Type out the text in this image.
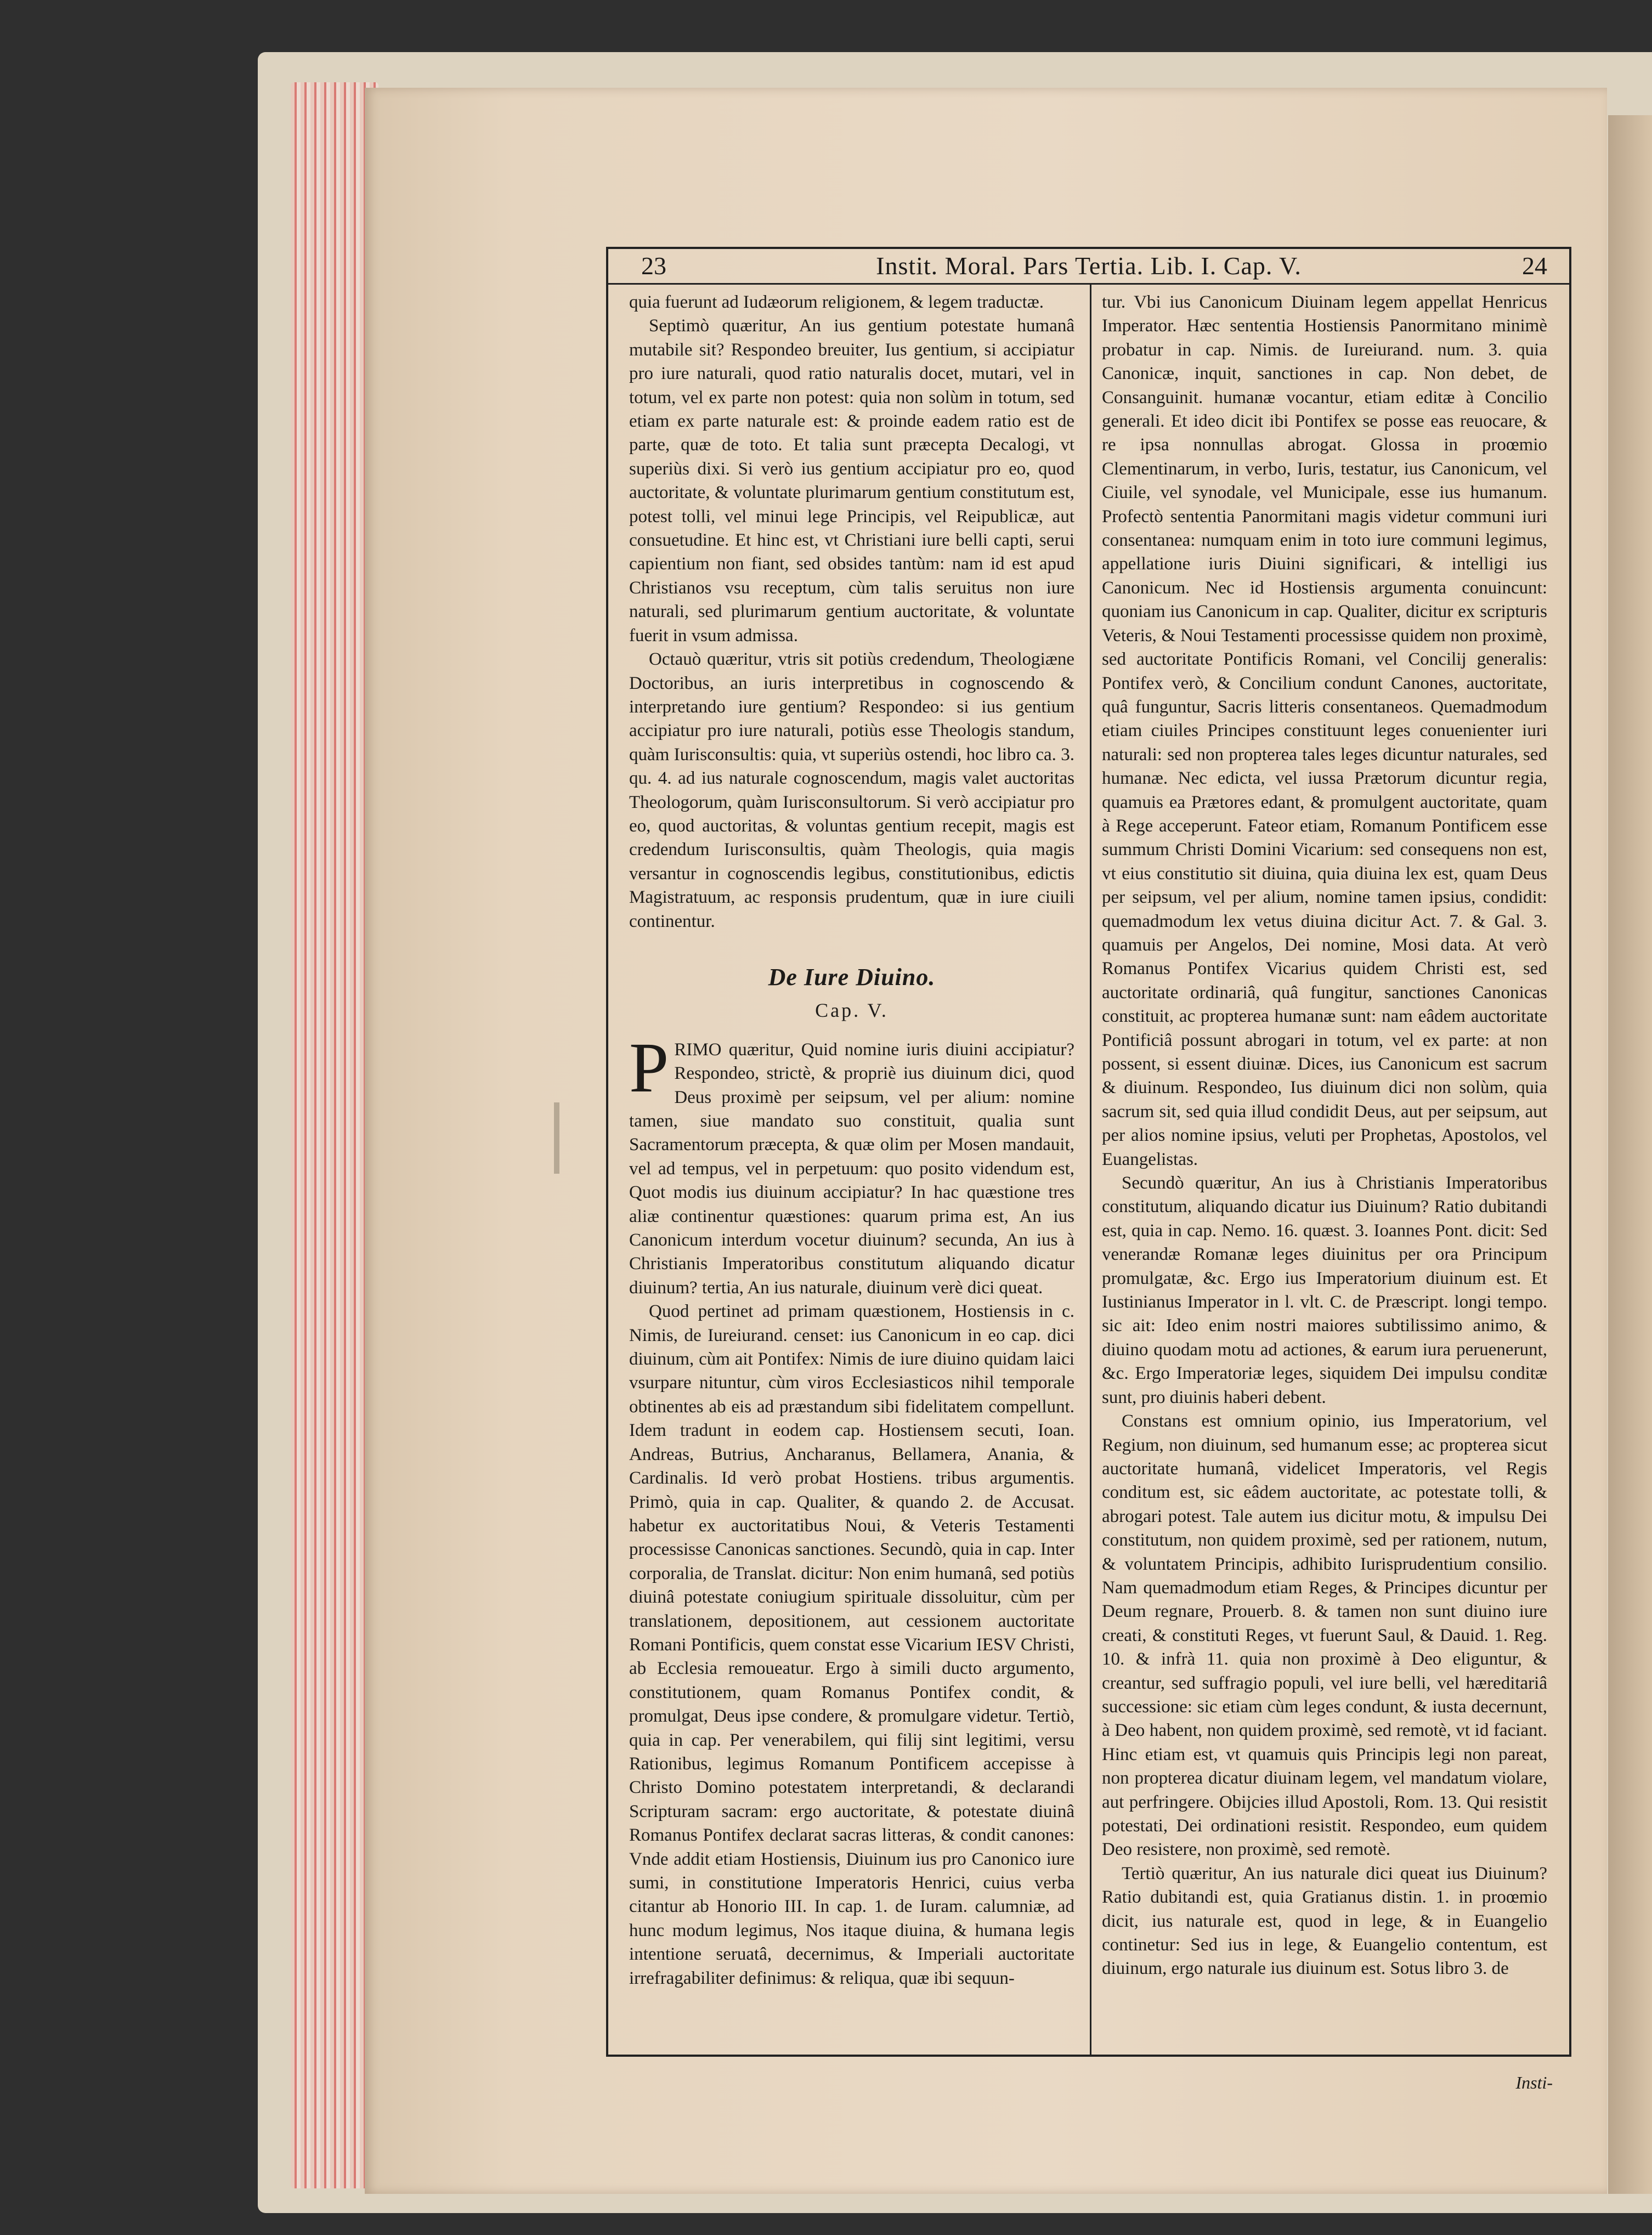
23	Instit. Moral. Pars Tertia. Lib. I. Cap. V.	24

quia fuerunt ad Iudæorum religionem, & legem traductæ.

Septimò quæritur, An ius gentium potestate humanâ mutabile sit? Respondeo breuiter, Ius gentium, si accipiatur pro iure naturali, quod ratio naturalis docet, mutari, vel in totum, vel ex parte non potest: quia non solùm in totum, sed etiam ex parte naturale est: & proinde eadem ratio est de parte, quæ de toto. Et talia sunt præcepta Decalogi, vt superiùs dixi. Si verò ius gentium accipiatur pro eo, quod auctoritate, & voluntate plurimarum gentium constitutum est, potest tolli, vel minui lege Principis, vel Reipublicæ, aut consuetudine. Et hinc est, vt Christiani iure belli capti, serui capientium non fiant, sed obsides tantùm: nam id est apud Christianos vsu receptum, cùm talis seruitus non iure naturali, sed plurimarum gentium auctoritate, & voluntate fuerit in vsum admissa.

Octauò quæritur, vtris sit potiùs credendum, Theologiæne Doctoribus, an iuris interpretibus in cognoscendo & interpretando iure gentium? Respondeo: si ius gentium accipiatur pro iure naturali, potiùs esse Theologis standum, quàm Iurisconsultis: quia, vt superiùs ostendi, hoc libro ca. 3. qu. 4. ad ius naturale cognoscendum, magis valet auctoritas Theologorum, quàm Iurisconsultorum. Si verò accipiatur pro eo, quod auctoritas, & voluntas gentium recepit, magis est credendum Iurisconsultis, quàm Theologis, quia magis versantur in cognoscendis legibus, constitutionibus, edictis Magistratuum, ac responsis prudentum, quæ in iure ciuili continentur.

De Iure Diuino.
Cap. V.

PRIMO quæritur, Quid nomine iuris diuini accipiatur? Respondeo, strictè, & propriè ius diuinum dici, quod Deus proximè per seipsum, vel per alium: nomine tamen, siue mandato suo constituit, qualia sunt Sacramentorum præcepta, & quæ olim per Mosen mandauit, vel ad tempus, vel in perpetuum: quo posito videndum est, Quot modis ius diuinum accipiatur? In hac quæstione tres aliæ continentur quæstiones: quarum prima est, An ius Canonicum interdum vocetur diuinum? secunda, An ius à Christianis Imperatoribus constitutum aliquando dicatur diuinum? tertia, An ius naturale, diuinum verè dici queat.

Quod pertinet ad primam quæstionem, Hostiensis in c. Nimis, de Iureiurand. censet: ius Canonicum in eo cap. dici diuinum, cùm ait Pontifex: Nimis de iure diuino quidam laici vsurpare nituntur, cùm viros Ecclesiasticos nihil temporale obtinentes ab eis ad præstandum sibi fidelitatem compellunt. Idem tradunt in eodem cap. Hostiensem secuti, Ioan. Andreas, Butrius, Ancharanus, Bellamera, Anania, & Cardinalis. Id verò probat Hostiens. tribus argumentis. Primò, quia in cap. Qualiter, & quando 2. de Accusat. habetur ex auctoritatibus Noui, & Veteris Testamenti processisse Canonicas sanctiones. Secundò, quia in cap. Inter corporalia, de Translat. dicitur: Non enim humanâ, sed potiùs diuinâ potestate coniugium spirituale dissoluitur, cùm per translationem, depositionem, aut cessionem auctoritate Romani Pontificis, quem constat esse Vicarium IESV Christi, ab Ecclesia remoueatur. Ergo à simili ducto argumento, constitutionem, quam Romanus Pontifex condit, & promulgat, Deus ipse condere, & promulgare videtur. Tertiò, quia in cap. Per venerabilem, qui filij sint legitimi, versu Rationibus, legimus Romanum Pontificem accepisse à Christo Domino potestatem interpretandi, & declarandi Scripturam sacram: ergo auctoritate, & potestate diuinâ Romanus Pontifex declarat sacras litteras, & condit canones: Vnde addit etiam Hostiensis, Diuinum ius pro Canonico iure sumi, in constitutione Imperatoris Henrici, cuius verba citantur ab Honorio III. In cap. 1. de Iuram. calumniæ, ad hunc modum legimus, Nos itaque diuina, & humana legis intentione seruatâ, decernimus, & Imperiali auctoritate irrefragabiliter definimus: & reliqua, quæ ibi sequun-

tur. Vbi ius Canonicum Diuinam legem appellat Henricus Imperator. Hæc sententia Hostiensis Panormitano minimè probatur in cap. Nimis. de Iureiurand. num. 3. quia Canonicæ, inquit, sanctiones in cap. Non debet, de Consanguinit. humanæ vocantur, etiam editæ à Concilio generali. Et ideo dicit ibi Pontifex se posse eas reuocare, & re ipsa nonnullas abrogat. Glossa in proœmio Clementinarum, in verbo, Iuris, testatur, ius Canonicum, vel Ciuile, vel synodale, vel Municipale, esse ius humanum. Profectò sententia Panormitani magis videtur communi iuri consentanea: numquam enim in toto iure communi legimus, appellatione iuris Diuini significari, & intelligi ius Canonicum. Nec id Hostiensis argumenta conuincunt: quoniam ius Canonicum in cap. Qualiter, dicitur ex scripturis Veteris, & Noui Testamenti processisse quidem non proximè, sed auctoritate Pontificis Romani, vel Concilij generalis: Pontifex verò, & Concilium condunt Canones, auctoritate, quâ funguntur, Sacris litteris consentaneos. Quemadmodum etiam ciuiles Principes constituunt leges conuenienter iuri naturali: sed non propterea tales leges dicuntur naturales, sed humanæ. Nec edicta, vel iussa Prætorum dicuntur regia, quamuis ea Prætores edant, & promulgent auctoritate, quam à Rege acceperunt. Fateor etiam, Romanum Pontificem esse summum Christi Domini Vicarium: sed consequens non est, vt eius constitutio sit diuina, quia diuina lex est, quam Deus per seipsum, vel per alium, nomine tamen ipsius, condidit: quemadmodum lex vetus diuina dicitur Act. 7. & Gal. 3. quamuis per Angelos, Dei nomine, Mosi data. At verò Romanus Pontifex Vicarius quidem Christi est, sed auctoritate ordinariâ, quâ fungitur, sanctiones Canonicas constituit, ac propterea humanæ sunt: nam eâdem auctoritate Pontificiâ possunt abrogari in totum, vel ex parte: at non possent, si essent diuinæ. Dices, ius Canonicum est sacrum & diuinum. Respondeo, Ius diuinum dici non solùm, quia sacrum sit, sed quia illud condidit Deus, aut per seipsum, aut per alios nomine ipsius, veluti per Prophetas, Apostolos, vel Euangelistas.

Secundò quæritur, An ius à Christianis Imperatoribus constitutum, aliquando dicatur ius Diuinum? Ratio dubitandi est, quia in cap. Nemo. 16. quæst. 3. Ioannes Pont. dicit: Sed venerandæ Romanæ leges diuinitus per ora Principum promulgatæ, &c. Ergo ius Imperatorium diuinum est. Et Iustinianus Imperator in l. vlt. C. de Præscript. longi tempo. sic ait: Ideo enim nostri maiores subtilissimo animo, & diuino quodam motu ad actiones, & earum iura peruenerunt, &c. Ergo Imperatoriæ leges, siquidem Dei impulsu conditæ sunt, pro diuinis haberi debent.

Constans est omnium opinio, ius Imperatorium, vel Regium, non diuinum, sed humanum esse; ac propterea sicut auctoritate humanâ, videlicet Imperatoris, vel Regis conditum est, sic eâdem auctoritate, ac potestate tolli, & abrogari potest. Tale autem ius dicitur motu, & impulsu Dei constitutum, non quidem proximè, sed per rationem, nutum, & voluntatem Principis, adhibito Iurisprudentium consilio. Nam quemadmodum etiam Reges, & Principes dicuntur per Deum regnare, Prouerb. 8. & tamen non sunt diuino iure creati, & constituti Reges, vt fuerunt Saul, & Dauid. 1. Reg. 10. & infrà 11. quia non proximè à Deo eliguntur, & creantur, sed suffragio populi, vel iure belli, vel hæreditariâ successione: sic etiam cùm leges condunt, & iusta decernunt, à Deo habent, non quidem proximè, sed remotè, vt id faciant. Hinc etiam est, vt quamuis quis Principis legi non pareat, non propterea dicatur diuinam legem, vel mandatum violare, aut perfringere. Obijcies illud Apostoli, Rom. 13. Qui resistit potestati, Dei ordinationi resistit. Respondeo, eum quidem Deo resistere, non proximè, sed remotè.

Tertiò quæritur, An ius naturale dici queat ius Diuinum? Ratio dubitandi est, quia Gratianus distin. 1. in proœmio dicit, ius naturale est, quod in lege, & in Euangelio continetur: Sed ius in lege, & Euangelio contentum, est diuinum, ergo naturale ius diuinum est. Sotus libro 3. de

Insti-
